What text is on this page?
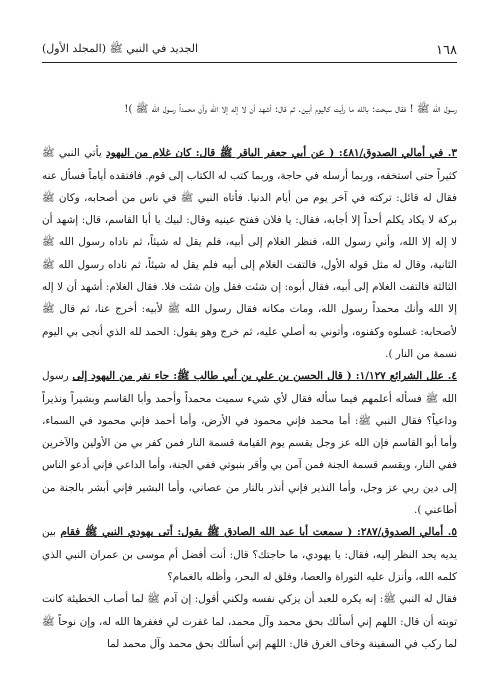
الجديد في النبي ﷺ (المجلد الأول)	١٦٨

رسول الله ﷺ ! فقال سبحت: بالله ما رأيت كاليوم أبين. ثم قال: أشهد أن لا إله إلا الله وأن محمداً رسول الله ﷺ )!

٣. في أمالي الصدوق/٤٨١: ( عن أبي جعفر الباقر ﷺ قال: كان غلام من اليهود يأتي النبي ﷺ كثيراً حتى استخفه، وربما أرسله في حاجة، وربما كتب له الكتاب إلى قوم. فافتقده أياماً فسأل عنه فقال له قائل: تركته في آخر يوم من أيام الدنيا. فأتاه النبي ﷺ في ناس من أصحابه، وكان ﷺ بركة لا يكاد يكلم أحداً إلا أجابه، فقال: يا فلان ففتح عينيه وقال: لبيك يا أبا القاسم، قال: إشهد أن لا إله إلا الله، وأني رسول الله، فنظر الغلام إلى أبيه، فلم يقل له شيئاً، ثم ناداه رسول الله ﷺ الثانية، وقال له مثل قوله الأول، فالتفت الغلام إلى أبيه فلم يقل له شيئاً، ثم ناداه رسول الله ﷺ الثالثة فالتفت الغلام إلى أبيه، فقال أبوه: إن شئت فقل وإن شئت فلا. فقال الغلام: أشهد أن لا إله إلا الله وأنك محمداً رسول الله، ومات مكانه فقال رسول الله ﷺ لأبيه: أخرج عنا، ثم قال ﷺ لأصحابه: غسلوه وكفنوه، وأتوني به أصلي عليه، ثم خرج وهو يقول: الحمد لله الذي أنجى بي اليوم نسمة من النار ).

٤. علل الشرائع ١/١٢٧: ( قال الحسن بن علي بن أبي طالب ﷺ: جاء نفر من اليهود إلى رسول الله ﷺ فسأله أعلمهم فيما سأله فقال لأي شيء سميت محمداً وأحمد وأبا القاسم وبشيراً ونذيراً وداعياً؟ فقال النبي ﷺ: أما محمد فإني محمود في الأرض، وأما أحمد فإني محمود في السماء، وأما أبو القاسم فإن الله عز وجل يقسم يوم القيامة قسمة النار فمن كفر بي من الأولين والآخرين ففي النار، ويقسم قسمة الجنة فمن آمن بي وأقر بنبوتي ففي الجنة، وأما الداعي فإني أدعو الناس إلى دين ربي عز وجل، وأما النذير فإني أنذر بالنار من عصاني، وأما البشير فإني أبشر بالجنة من أطاعني ).

٥. أمالي الصدوق/٢٨٧: ( سمعت أبا عبد الله الصادق ﷺ يقول: أتى يهودي النبي ﷺ فقام بين يديه يحد النظر إليه، فقال: يا يهودي، ما حاجتك؟ قال: أنت أفضل أم موسى بن عمران النبي الذي كلمه الله، وأنزل عليه التوراة والعصا، وفلق له البحر، وأظله بالغمام؟

فقال له النبي ﷺ: إنه يكره للعبد أن يزكي نفسه ولكني أقول: إن آدم ﷺ لما أصاب الخطيئة كانت توبته أن قال: اللهم إني أسألك بحق محمد وآل محمد، لما غفرت لي فغفرها الله له، وإن نوحاً ﷺ لما ركب في السفينة وخاف الغرق قال: اللهم إني أسألك بحق محمد وآل محمد لما
